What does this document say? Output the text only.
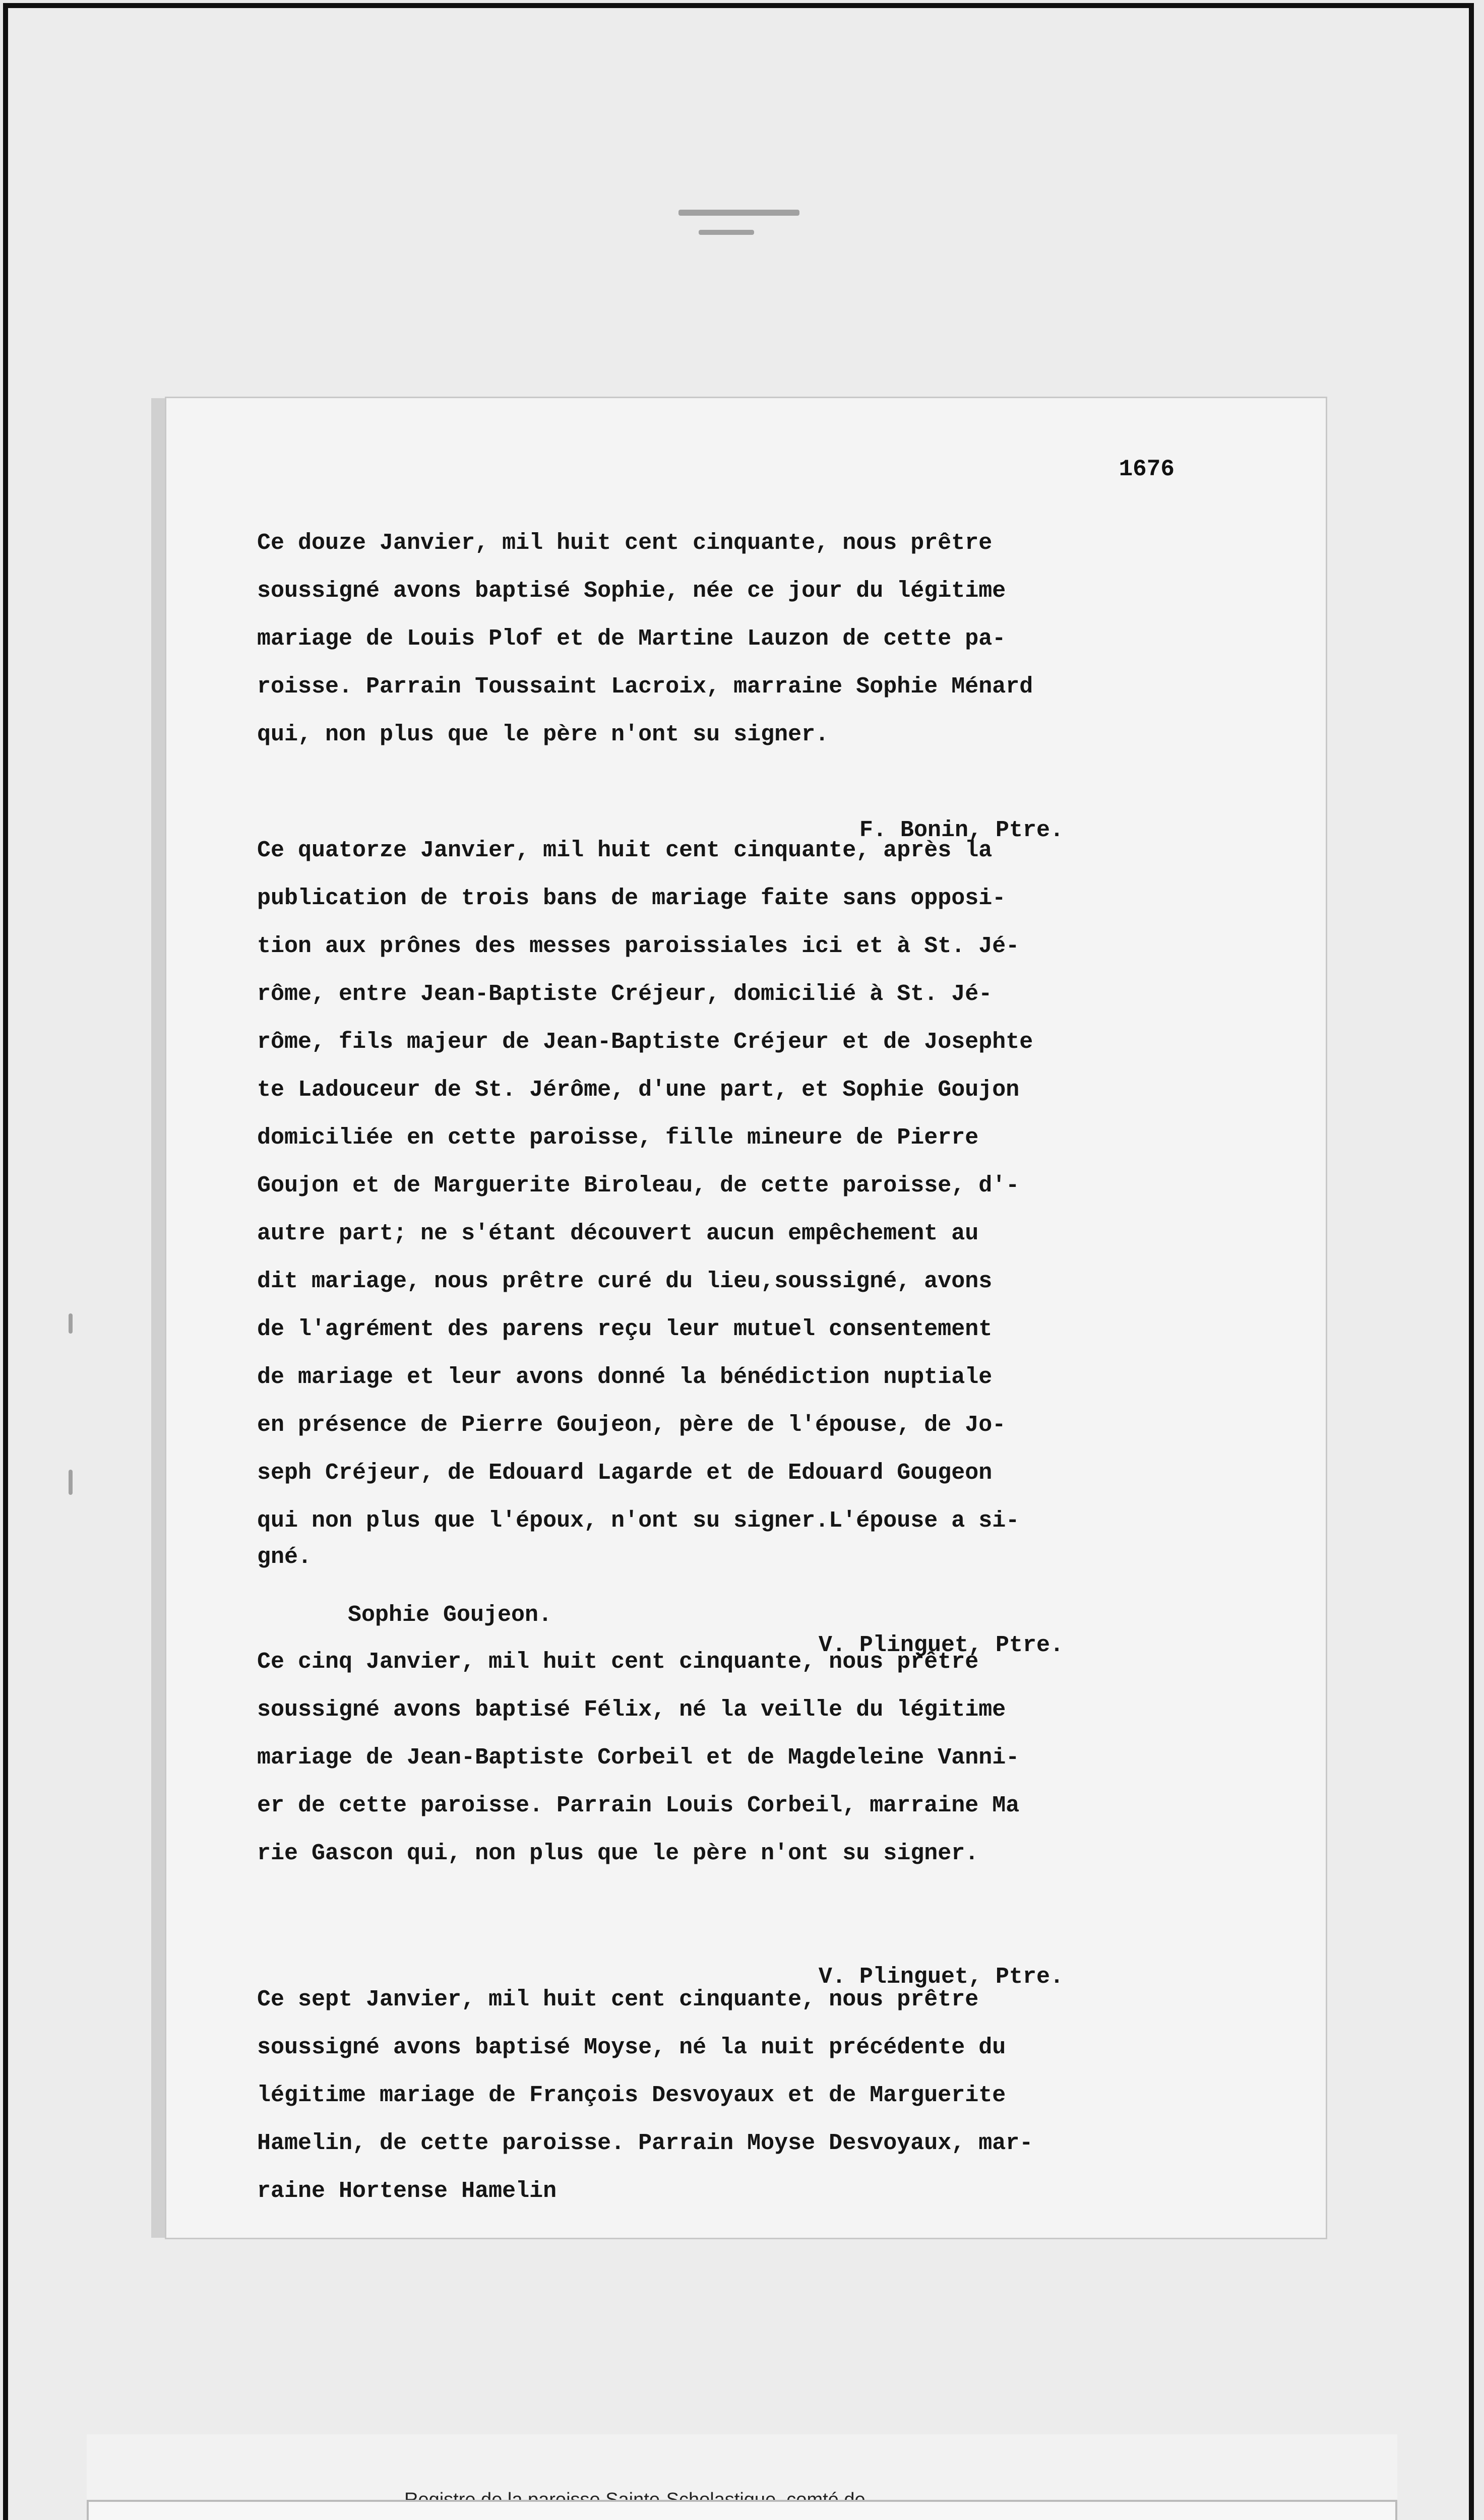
1676
Ce douze Janvier, mil huit cent cinquante, nous prêtre
soussigné avons baptisé Sophie, née ce jour du légitime
mariage de Louis Plof et de Martine Lauzon de cette pa-
roisse. Parrain Toussaint Lacroix, marraine Sophie Ménard
qui, non plus que le père n'ont su signer.

F. Bonin, Ptre.

Ce quatorze Janvier, mil huit cent cinquante, après la
publication de trois bans de mariage faite sans opposi-
tion aux prônes des messes paroissiales ici et à St. Jé-
rôme, entre Jean-Baptiste Créjeur, domicilié à St. Jé-
rôme, fils majeur de Jean-Baptiste Créjeur et de Josephte
te Ladouceur de St. Jérôme, d'une part, et Sophie Goujon
domiciliée en cette paroisse, fille mineure de Pierre
Goujon et de Marguerite Biroleau, de cette paroisse, d'-
autre part; ne s'étant découvert aucun empêchement au
dit mariage, nous prêtre curé du lieu,soussigné, avons
de l'agrément des parens reçu leur mutuel consentement
de mariage et leur avons donné la bénédiction nuptiale
en présence de Pierre Goujeon, père de l'épouse, de Jo-
seph Créjeur, de Edouard Lagarde et de Edouard Gougeon
qui non plus que l'époux, n'ont su signer.L'épouse a si-
gné.

Sophie Goujeon.

V. Plinguet, Ptre.

Ce cinq Janvier, mil huit cent cinquante, nous prêtre
soussigné avons baptisé Félix, né la veille du légitime
mariage de Jean-Baptiste Corbeil et de Magdeleine Vanni-
er de cette paroisse. Parrain Louis Corbeil, marraine Ma
rie Gascon qui, non plus que le père n'ont su signer.

V. Plinguet, Ptre.

Ce sept Janvier, mil huit cent cinquante, nous prêtre
soussigné avons baptisé Moyse, né la nuit précédente du
légitime mariage de François Desvoyaux et de Marguerite
Hamelin, de cette paroisse. Parrain Moyse Desvoyaux, mar-
raine Hortense Hamelin
